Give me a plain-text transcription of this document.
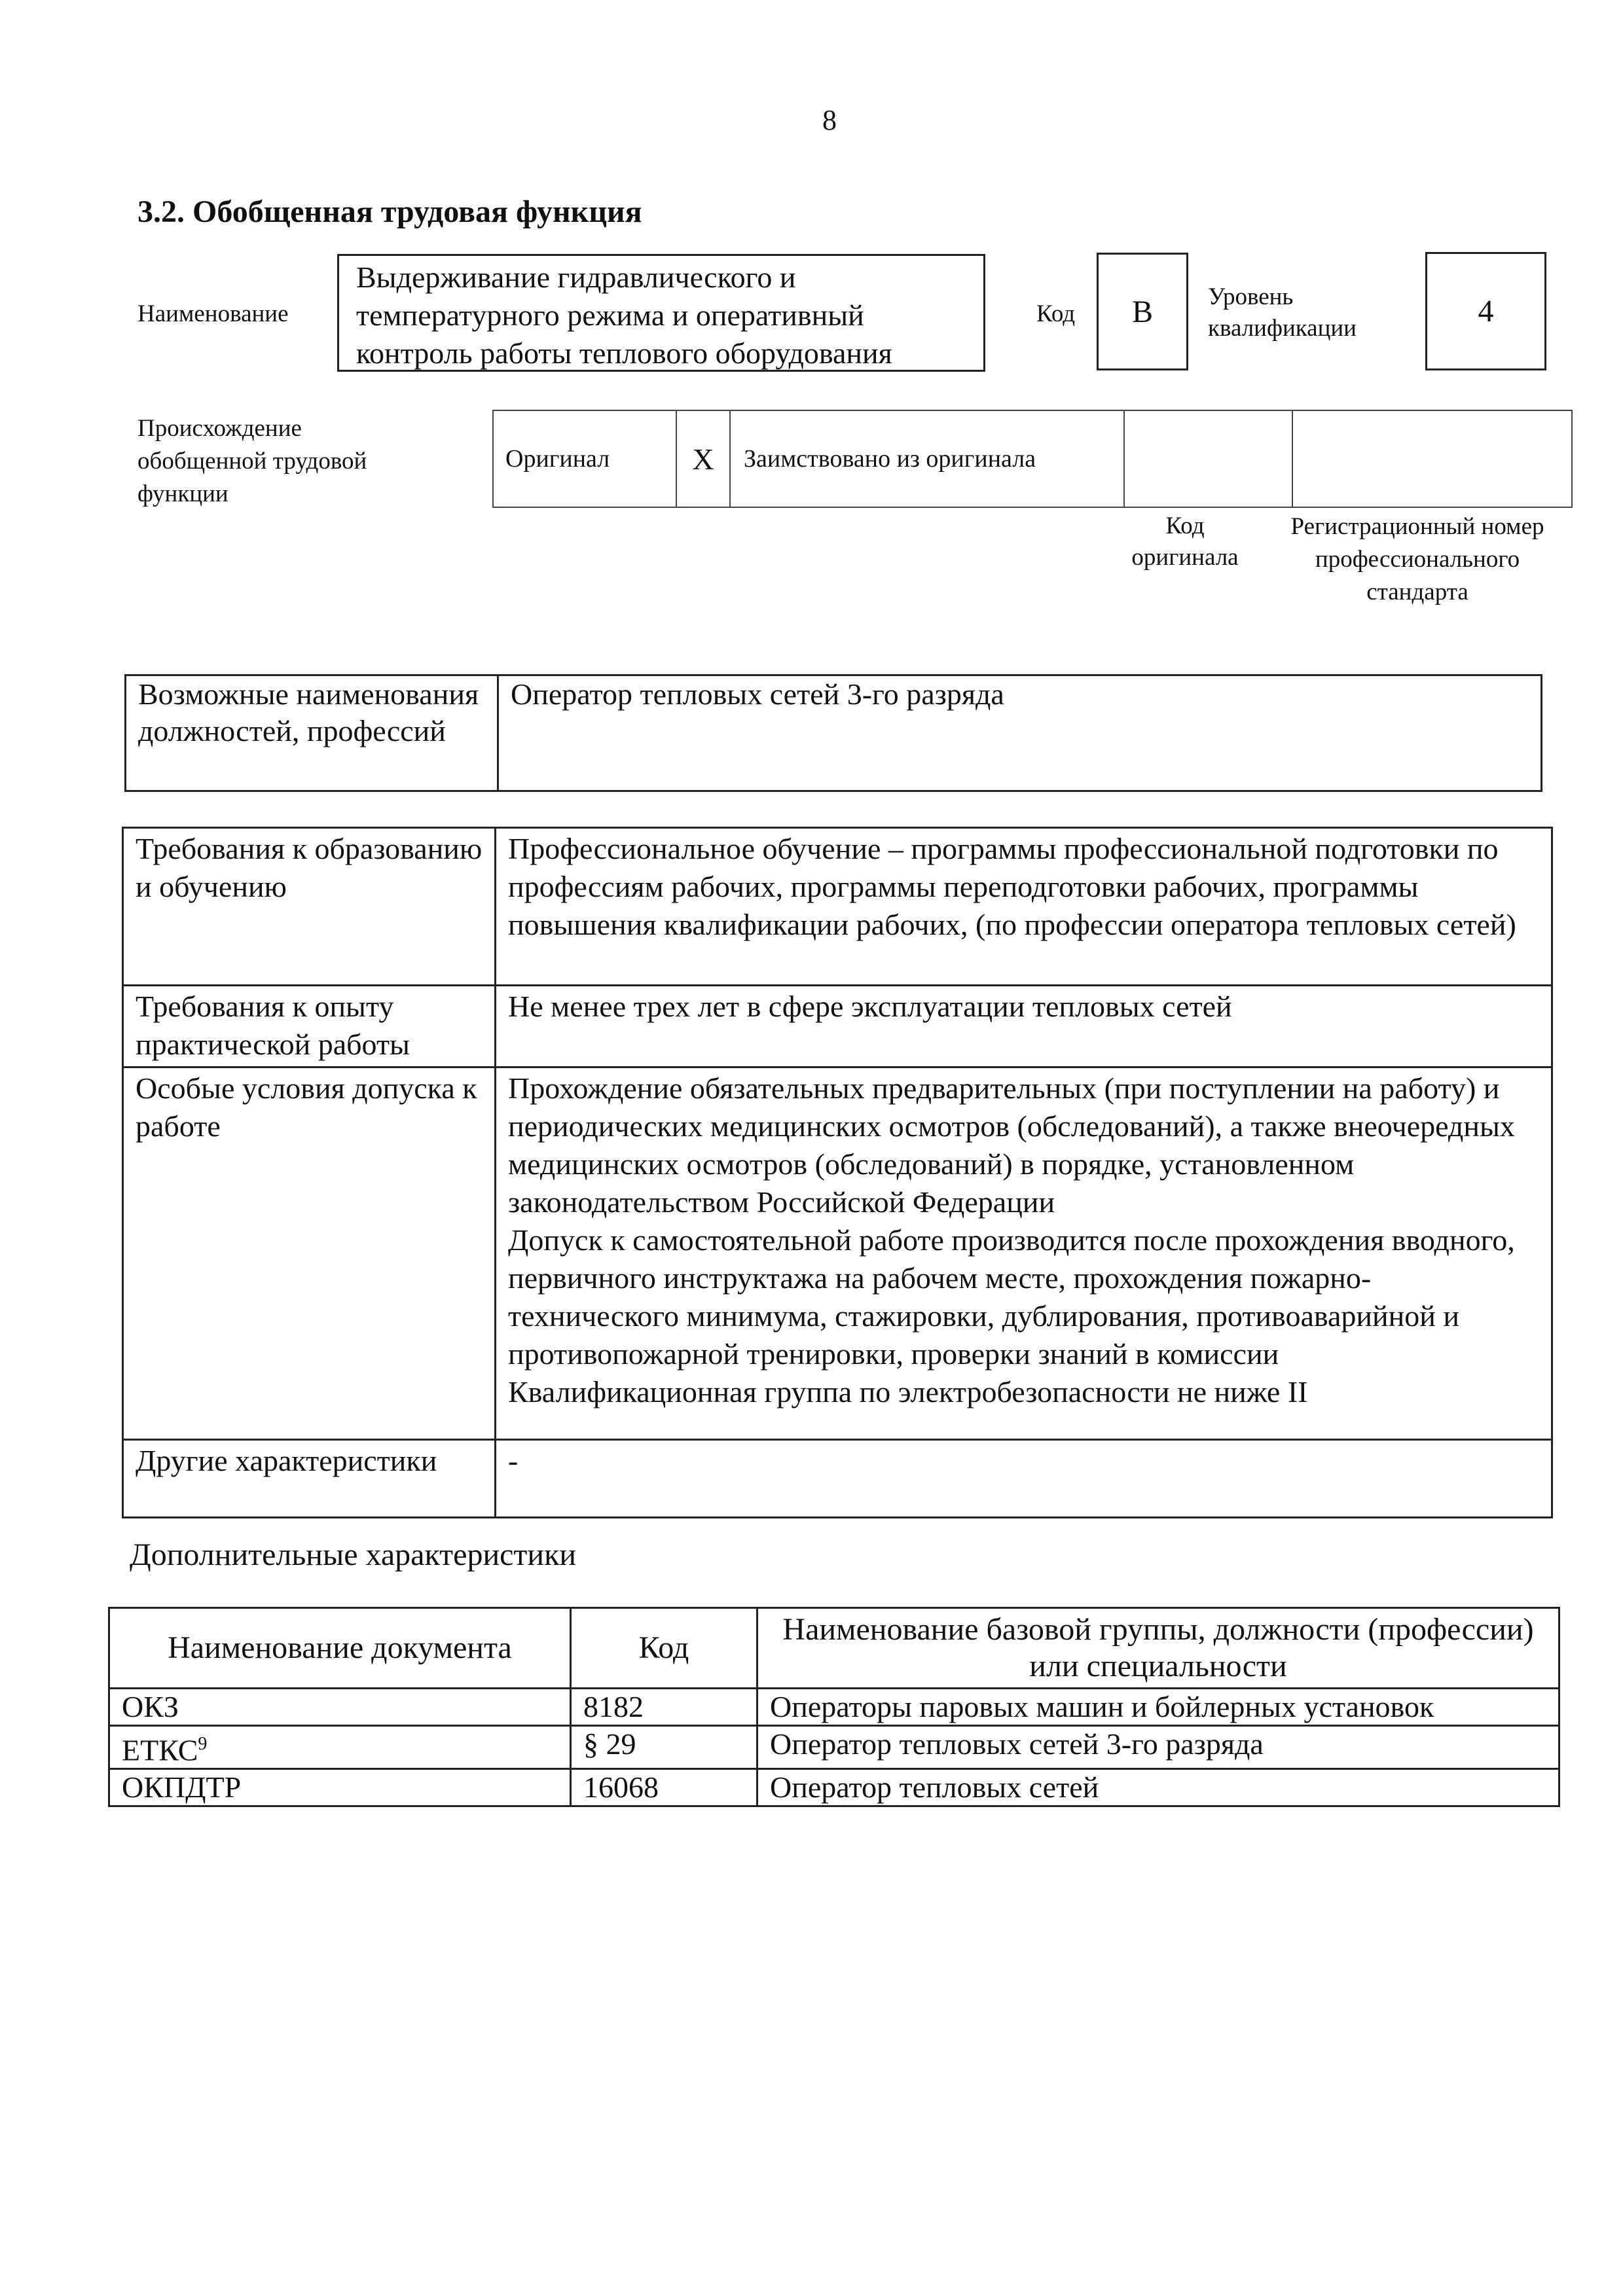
8
3.2. Обобщенная трудовая функция
Наименование
Выдерживание гидравлического и температурного режима и оперативный контроль работы теплового оборудования
Код	B	Уровень квалификации	4
Происхождение обобщенной трудовой функции
Оригинал	X	Заимствовано из оригинала		
Код оригинала
Регистрационный номер профессионального стандарта
Возможные наименования должностей, профессий	Оператор тепловых сетей 3-го разряда
Требования к образованию и обучению	Профессиональное обучение – программы профессиональной подготовки по профессиям рабочих, программы переподготовки рабочих, программы повышения квалификации рабочих, (по профессии оператора тепловых сетей)
Требования к опыту практической работы	Не менее трех лет в сфере эксплуатации тепловых сетей
Особые условия допуска к работе	Прохождение обязательных предварительных (при поступлении на работу) и периодических медицинских осмотров (обследований), а также внеочередных медицинских осмотров (обследований) в порядке, установленном законодательством Российской Федерации
Допуск к самостоятельной работе производится после прохождения вводного, первичного инструктажа на рабочем месте, прохождения пожарно-технического минимума, стажировки, дублирования, противоаварийной и противопожарной тренировки, проверки знаний в комиссии
Квалификационная группа по электробезопасности не ниже II
Другие характеристики	-
Дополнительные характеристики
Наименование документа	Код	Наименование базовой группы, должности (профессии) или специальности
ОКЗ	8182	Операторы паровых машин и бойлерных установок
ЕТКС$^9$	§ 29	Оператор тепловых сетей 3-го разряда
ОКПДТР	16068	Оператор тепловых сетей
